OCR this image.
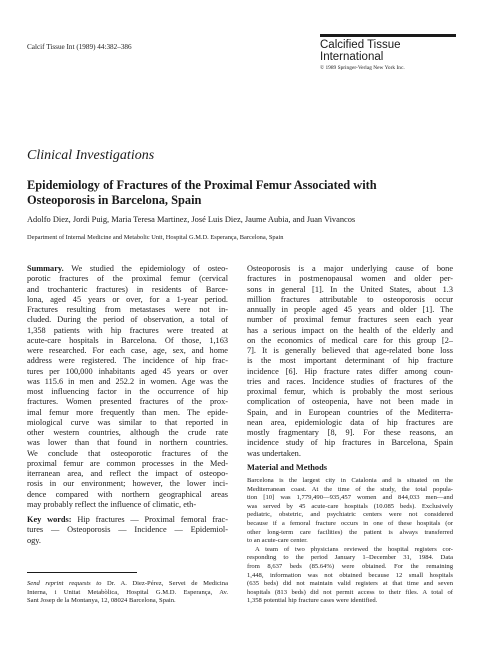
Calcif Tissue Int (1989) 44:382–386	Calcified Tissue
International
© 1989 Springer-Verlag New York Inc.
Clinical Investigations
Epidemiology of Fractures of the Proximal Femur Associated with
Osteoporosis in Barcelona, Spain
Adolfo Diez, Jordi Puig, Maria Teresa Martinez, José Luis Diez, Jaume Aubia, and Juan Vivancos
Department of Internal Medicine and Metabolic Unit, Hospital G.M.D. Esperança, Barcelona, Spain
Summary. We studied the epidemiology of osteo-
porotic fractures of the proximal femur (cervical
and trochanteric fractures) in residents of Barce-
lona, aged 45 years or over, for a 1-year period.
Fractures resulting from metastases were not in-
cluded. During the period of observation, a total of
1,358 patients with hip fractures were treated at
acute-care hospitals in Barcelona. Of those, 1,163
were researched. For each case, age, sex, and home
address were registered. The incidence of hip frac-
tures per 100,000 inhabitants aged 45 years or over
was 115.6 in men and 252.2 in women. Age was the
most influencing factor in the occurrence of hip
fractures. Women presented fractures of the prox-
imal femur more frequently than men. The epide-
miological curve was similar to that reported in
other western countries, although the crude rate
was lower than that found in northern countries.
We conclude that osteoporotic fractures of the
proximal femur are common processes in the Med-
iterranean area, and reflect the impact of osteopo-
rosis in our environment; however, the lower inci-
dence compared with northern geographical areas
may probably reflect the influence of climatic, eth-
Key words: Hip fractures — Proximal femoral frac-
tures — Osteoporosis — Incidence — Epidemiol-
ogy.
Send reprint requests to Dr. A. Diez-Pérez, Servei de Medicina
Interna, i Unitat Metabòlica, Hospital G.M.D. Esperança, Av.
Sant Josep de la Montanya, 12, 08024 Barcelona, Spain.
Osteoporosis is a major underlying cause of bone
fractures in postmenopausal women and older per-
sons in general [1]. In the United States, about 1.3
million fractures attributable to osteoporosis occur
annually in people aged 45 years and older [1]. The
number of proximal femur fractures seen each year
has a serious impact on the health of the elderly and
on the economics of medical care for this group [2–
7]. It is generally believed that age-related bone loss
is the most important determinant of hip fracture
incidence [6]. Hip fracture rates differ among coun-
tries and races. Incidence studies of fractures of the
proximal femur, which is probably the most serious
complication of osteopenia, have not been made in
Spain, and in European countries of the Mediterra-
nean area, epidemiologic data of hip fractures are
mostly fragmentary [8, 9]. For these reasons, an
incidence study of hip fractures in Barcelona, Spain
was undertaken.
Material and Methods
Barcelona is the largest city in Catalonia and is situated on the
Mediterranean coast. At the time of the study, the total popula-
tion [10] was 1,779,490—935,457 women and 844,033 men—and
was served by 45 acute-care hospitals (10.085 beds). Exclusively
pediatric, obstetric, and psychiatric centers were not considered
because if a femoral fracture occurs in one of these hospitals (or
other long-term care facilities) the patient is always transferred
to an acute-care center.
A team of two physicians reviewed the hospital registers cor-
responding to the period January 1–December 31, 1984. Data
from 8,637 beds (85.64%) were obtained. For the remaining
1,448, information was not obtained because 12 small hospitals
(635 beds) did not maintain valid registers at that time and seven
hospitals (813 beds) did not permit access to their files. A total of
1,358 potential hip fracture cases were identified.
